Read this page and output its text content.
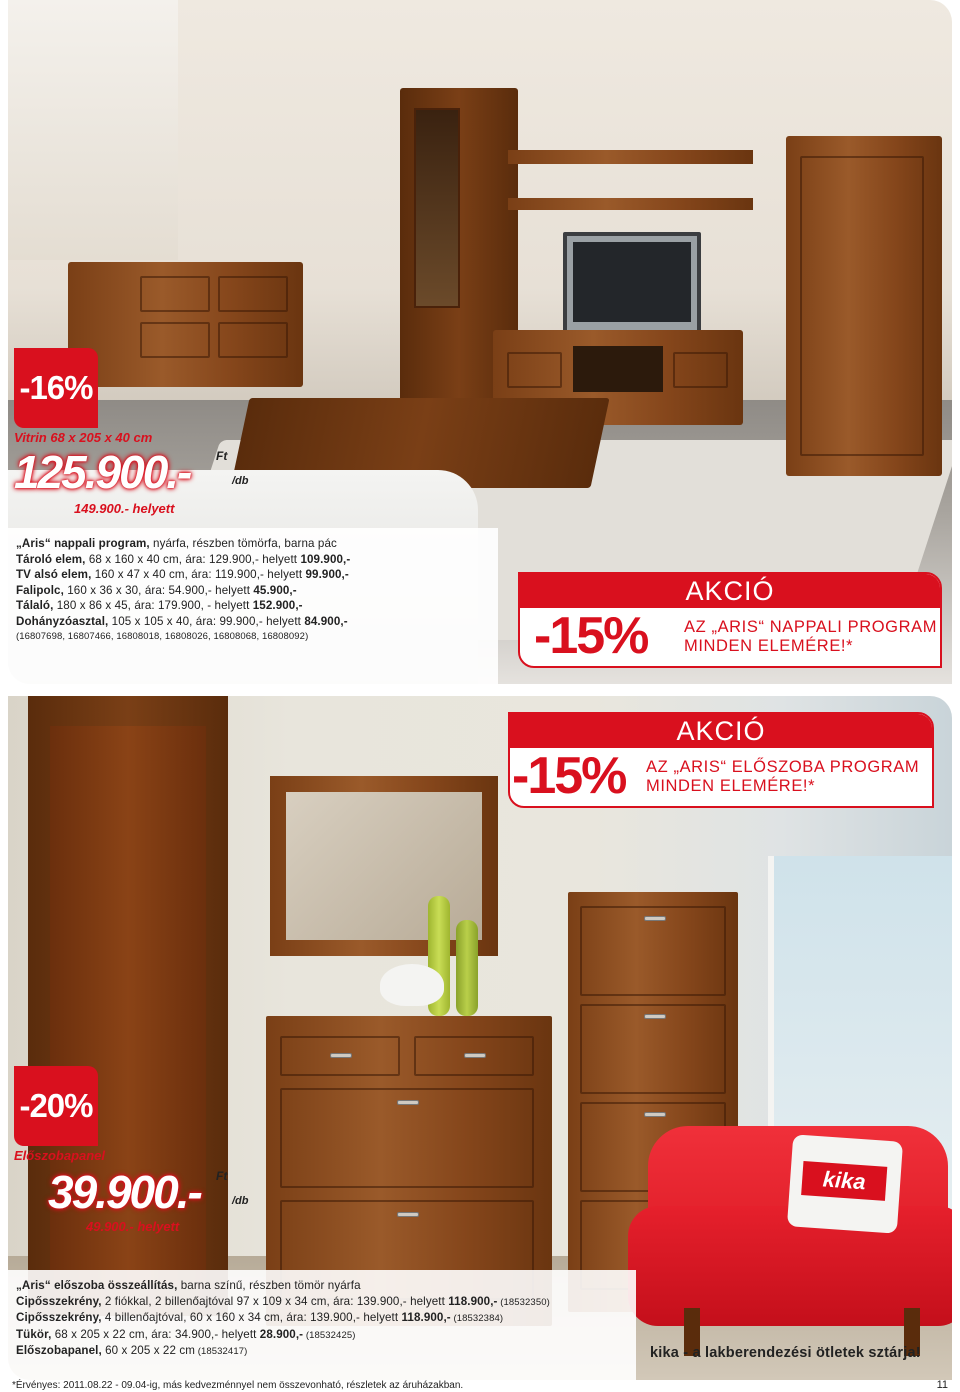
„Aris“ nappali program, nyárfa, részben tömörfa, barna pác
Tároló elem, 68 x 160 x 40 cm, ára: 129.900,- helyett 109.900,-
TV alsó elem, 160 x 47 x 40 cm, ára: 119.900,- helyett 99.900,-
Falipolc, 160 x 36 x 30, ára: 54.900,- helyett 45.900,-
Tálaló, 180 x 86 x 45, ára: 179.900, - helyett 152.900,-
Dohányzóasztal, 105 x 105 x 40, ára: 99.900,- helyett 84.900,-
(16807698, 16807466, 16808018, 16808026, 16808068, 16808092)
-16%
Vitrin 68 x 205 x 40 cm
125.900.- Ft
/db
149.900.- helyett
AKCIÓ
-15% AZ „ARIS“ NAPPALI PROGRAM
MINDEN ELEMÉRE!*
kika
AKCIÓ
-15% AZ „ARIS“ ELŐSZOBA PROGRAM
MINDEN ELEMÉRE!*
-20%
Előszobapanel
39.900.- Ft
/db
49.900.- helyett
„Aris“ előszoba összeállítás, barna színű, részben tömör nyárfa
Cipősszekrény, 2 fiókkal, 2 billenőajtóval 97 x 109 x 34 cm, ára: 139.900,- helyett 118.900,- (18532350)
Cipősszekrény, 4 billenőajtóval, 60 x 160 x 34 cm, ára: 139.900,- helyett 118.900,- (18532384)
Tükör, 68 x 205 x 22 cm, ára: 34.900,- helyett 28.900,- (18532425)
Előszobapanel, 60 x 205 x 22 cm (18532417)	kika - a lakberendezési ötletek sztárja!
*Érvényes: 2011.08.22 - 09.04-ig, más kedvezménnyel nem összevonható, részletek az áruházakban.	11
